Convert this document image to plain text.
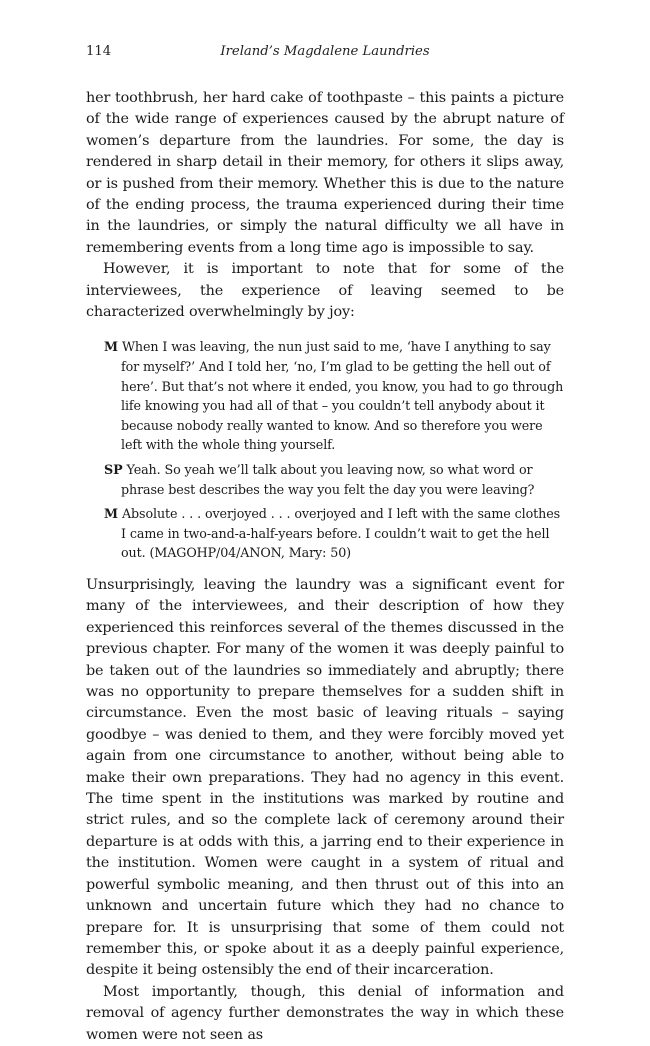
114	Ireland’s Magdalene Laundries

her toothbrush, her hard cake of toothpaste – this paints a picture of the wide range of experiences caused by the abrupt nature of women’s departure from the laundries. For some, the day is rendered in sharp detail in their memory, for others it slips away, or is pushed from their memory. Whether this is due to the nature of the ending process, the trauma experienced during their time in the laundries, or simply the natural difficulty we all have in remembering events from a long time ago is impossible to say.

However, it is important to note that for some of the interviewees, the experience of leaving seemed to be characterized overwhelmingly by joy:

M When I was leaving, the nun just said to me, ‘have I anything to say for myself?’ And I told her, ‘no, I’m glad to be getting the hell out of here’. But that’s not where it ended, you know, you had to go through life knowing you had all of that – you couldn’t tell anybody about it because nobody really wanted to know. And so therefore you were left with the whole thing yourself.
SP Yeah. So yeah we’ll talk about you leaving now, so what word or phrase best describes the way you felt the day you were leaving?
M Absolute . . . overjoyed . . . overjoyed and I left with the same clothes I came in two-and-a-half-years before. I couldn’t wait to get the hell out. (MAGOHP/04/ANON, Mary: 50)

Unsurprisingly, leaving the laundry was a significant event for many of the interviewees, and their description of how they experienced this reinforces several of the themes discussed in the previous chapter. For many of the women it was deeply painful to be taken out of the laundries so immediately and abruptly; there was no opportunity to prepare themselves for a sudden shift in circumstance. Even the most basic of leaving rituals – saying goodbye – was denied to them, and they were forcibly moved yet again from one circumstance to another, without being able to make their own preparations. They had no agency in this event. The time spent in the institutions was marked by routine and strict rules, and so the complete lack of ceremony around their departure is at odds with this, a jarring end to their experience in the institution. Women were caught in a system of ritual and powerful symbolic meaning, and then thrust out of this into an unknown and uncertain future which they had no chance to prepare for. It is unsurprising that some of them could not remember this, or spoke about it as a deeply painful experience, despite it being ostensibly the end of their incarceration.

Most importantly, though, this denial of information and removal of agency further demonstrates the way in which these women were not seen as
